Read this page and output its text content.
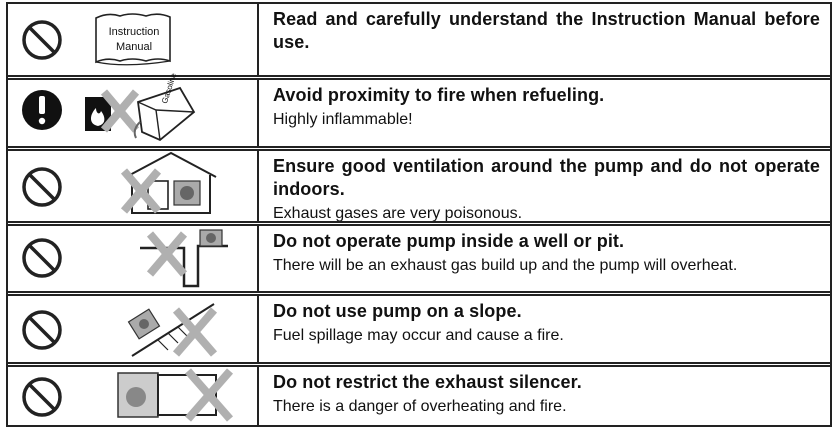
Instruction
Manual
Read and carefully understand the Instruction Manual before use.
Gasoline	Avoid proximity to fire when refueling.
Highly inflammable!
Ensure good ventilation around the pump and do not operate indoors.
Exhaust gases are very poisonous.
Do not operate pump inside a well or pit.
There will be an exhaust gas build up and the pump will overheat.
Do not use pump on a slope.
Fuel spillage may occur and cause a fire.
Do not restrict the exhaust silencer.
There is a danger of overheating and fire.
